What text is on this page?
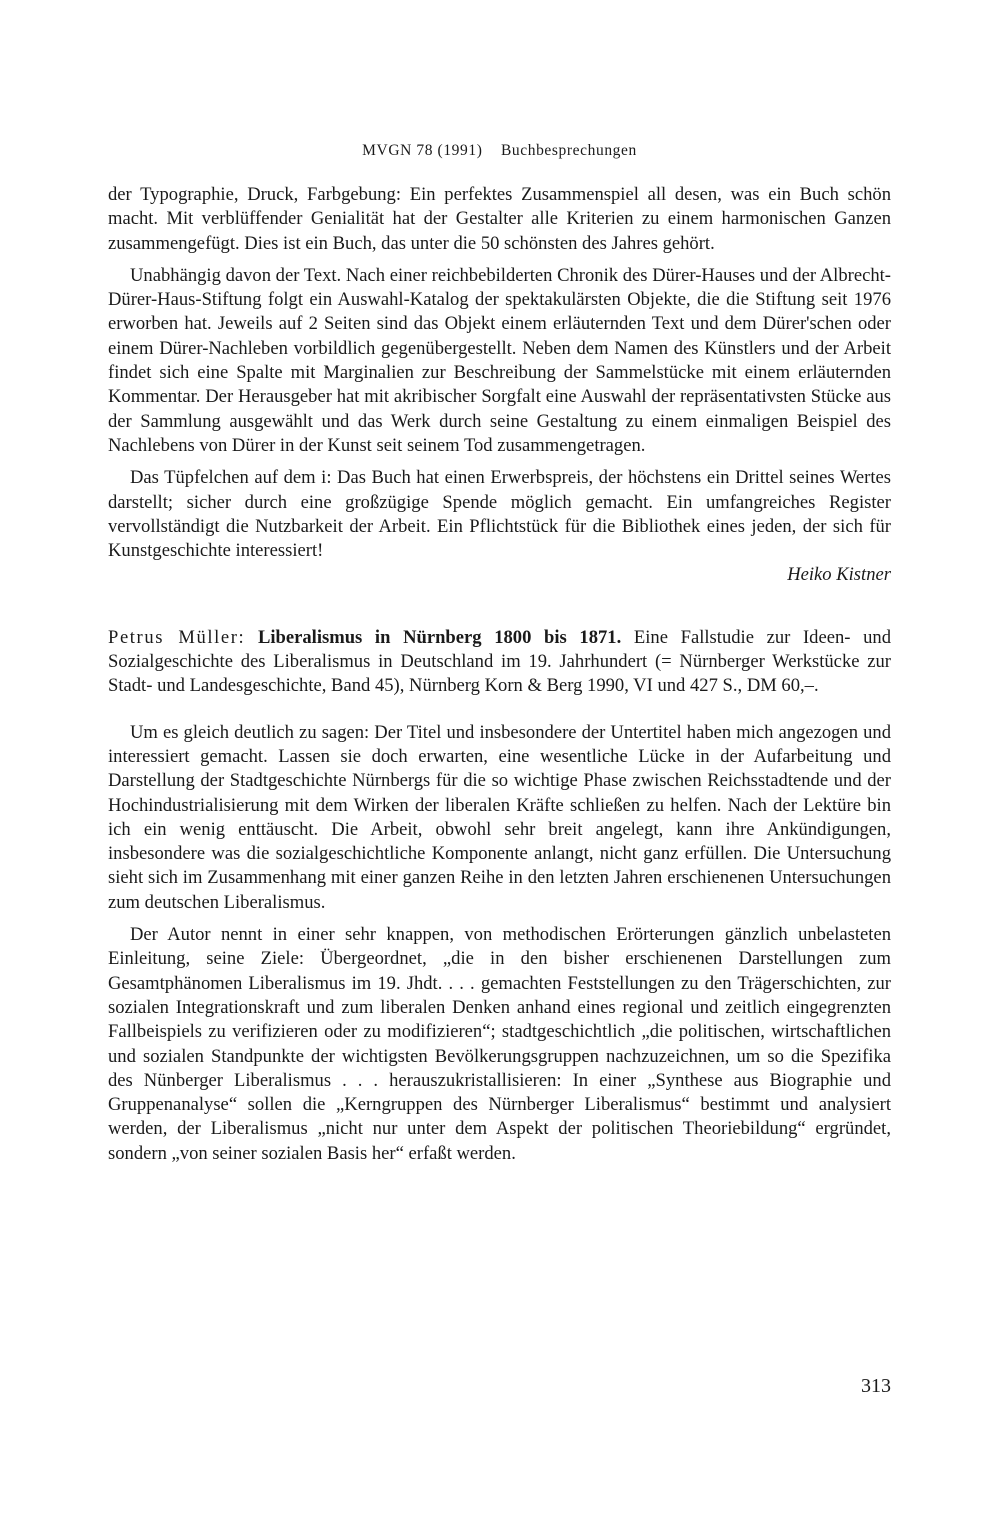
MVGN 78 (1991) Buchbesprechungen

der Typographie, Druck, Farbgebung: Ein perfektes Zusammenspiel all desen, was ein Buch schön macht. Mit verblüffender Genialität hat der Gestalter alle Kriterien zu einem harmonischen Ganzen zusammengefügt. Dies ist ein Buch, das unter die 50 schönsten des Jahres gehört.

Unabhängig davon der Text. Nach einer reichbebilderten Chronik des Dürer-Hauses und der Albrecht-Dürer-Haus-Stiftung folgt ein Auswahl-Katalog der spektakulärsten Objekte, die die Stiftung seit 1976 erworben hat. Jeweils auf 2 Seiten sind das Objekt einem erläuternden Text und dem Dürer'schen oder einem Dürer-Nachleben vorbildlich gegenübergestellt. Neben dem Namen des Künstlers und der Arbeit findet sich eine Spalte mit Marginalien zur Beschreibung der Sammelstücke mit einem erläuternden Kommentar. Der Herausgeber hat mit akribischer Sorgfalt eine Auswahl der repräsentativsten Stücke aus der Sammlung ausgewählt und das Werk durch seine Gestaltung zu einem einmaligen Beispiel des Nachlebens von Dürer in der Kunst seit seinem Tod zusammengetragen.

Das Tüpfelchen auf dem i: Das Buch hat einen Erwerbspreis, der höchstens ein Drittel seines Wertes darstellt; sicher durch eine großzügige Spende möglich gemacht. Ein umfangreiches Register vervollständigt die Nutzbarkeit der Arbeit. Ein Pflichtstück für die Bibliothek eines jeden, der sich für Kunstgeschichte interessiert!

Heiko Kistner

Petrus Müller: Liberalismus in Nürnberg 1800 bis 1871. Eine Fallstudie zur Ideen- und Sozialgeschichte des Liberalismus in Deutschland im 19. Jahrhundert (= Nürnberger Werkstücke zur Stadt- und Landesgeschichte, Band 45), Nürnberg Korn & Berg 1990, VI und 427 S., DM 60,–.

Um es gleich deutlich zu sagen: Der Titel und insbesondere der Untertitel haben mich angezogen und interessiert gemacht. Lassen sie doch erwarten, eine wesentliche Lücke in der Aufarbeitung und Darstellung der Stadtgeschichte Nürnbergs für die so wichtige Phase zwischen Reichsstadtende und der Hochindustrialisierung mit dem Wirken der liberalen Kräfte schließen zu helfen. Nach der Lektüre bin ich ein wenig enttäuscht. Die Arbeit, obwohl sehr breit angelegt, kann ihre Ankündigungen, insbesondere was die sozialgeschichtliche Komponente anlangt, nicht ganz erfüllen. Die Untersuchung sieht sich im Zusammenhang mit einer ganzen Reihe in den letzten Jahren erschienenen Untersuchungen zum deutschen Liberalismus.

Der Autor nennt in einer sehr knappen, von methodischen Erörterungen gänzlich unbelasteten Einleitung, seine Ziele: Übergeordnet, „die in den bisher erschienenen Darstellungen zum Gesamtphänomen Liberalismus im 19. Jhdt. . . . gemachten Feststellungen zu den Trägerschichten, zur sozialen Integrationskraft und zum liberalen Denken anhand eines regional und zeitlich eingegrenzten Fallbeispiels zu verifizieren oder zu modifizieren“; stadtgeschichtlich „die politischen, wirtschaftlichen und sozialen Standpunkte der wichtigsten Bevölkerungsgruppen nachzuzeichnen, um so die Spezifika des Nünberger Liberalismus . . . herauszukristallisieren: In einer „Synthese aus Biographie und Gruppenanalyse“ sollen die „Kerngruppen des Nürnberger Liberalismus“ bestimmt und analysiert werden, der Liberalismus „nicht nur unter dem Aspekt der politischen Theoriebildung“ ergründet, sondern „von seiner sozialen Basis her“ erfaßt werden.

313
